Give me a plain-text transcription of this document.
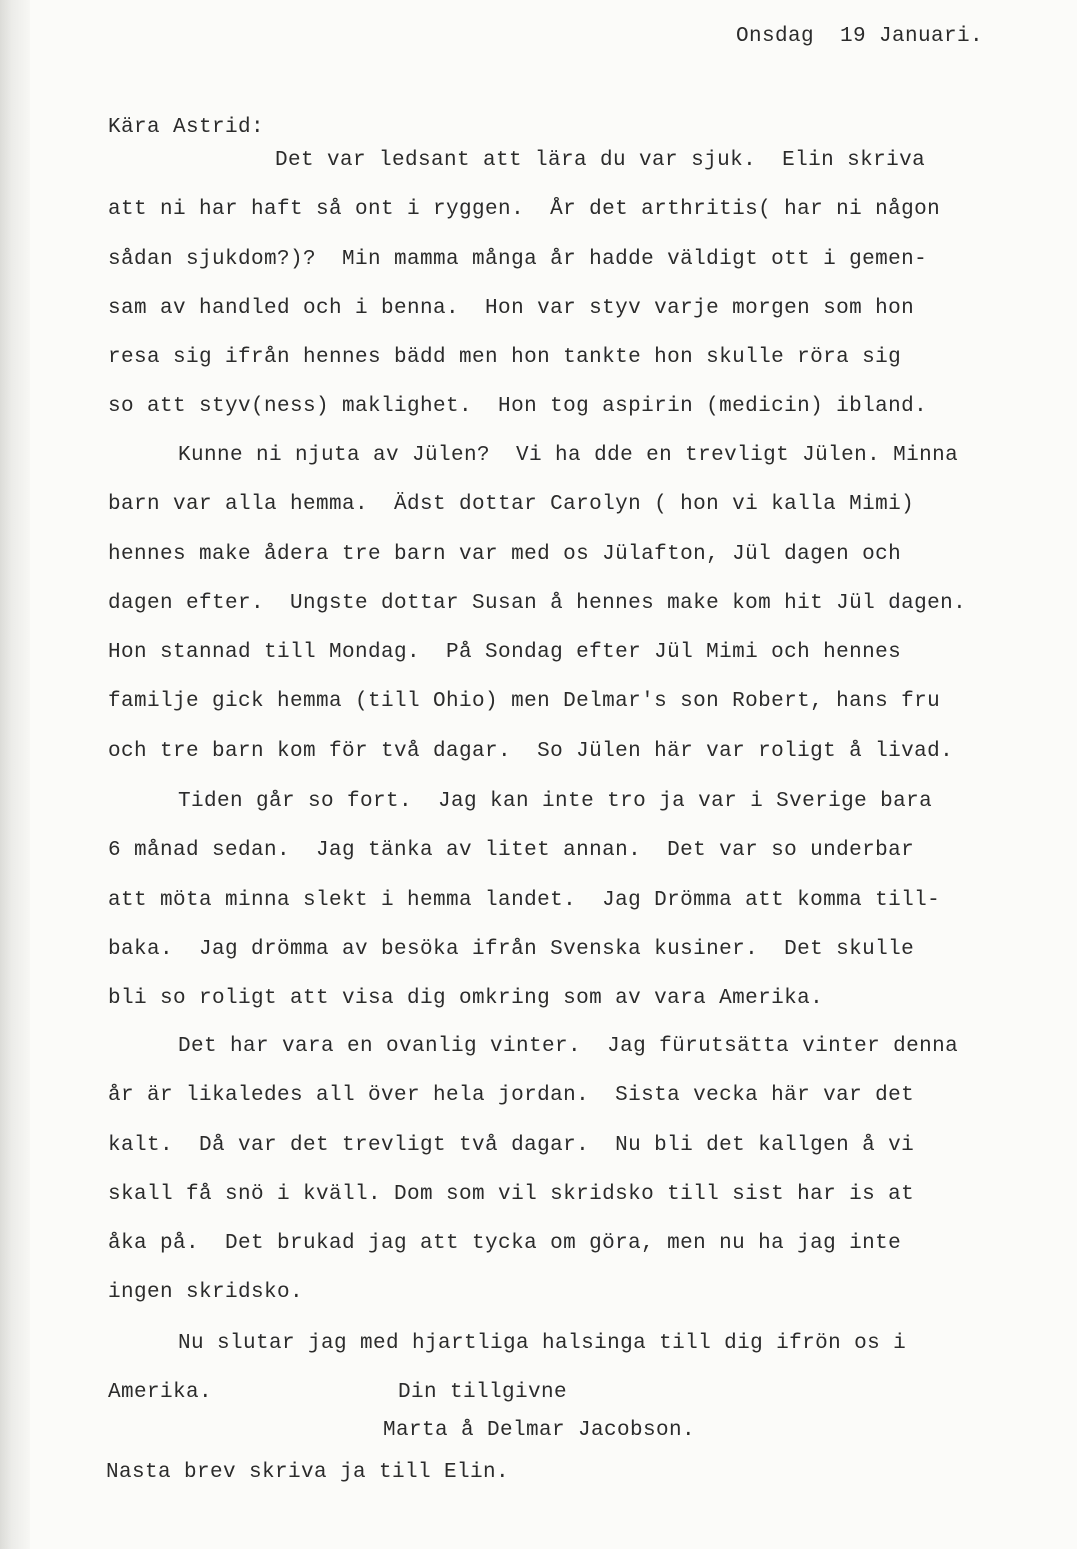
Onsdag  19 Januari.
Kära Astrid:
Det var ledsant att lära du var sjuk.  Elin skriva
att ni har haft så ont i ryggen.  År det arthritis( har ni någon
sådan sjukdom?)?  Min mamma många år hadde väldigt ott i gemen-
sam av handled och i benna.  Hon var styv varje morgen som hon
resa sig ifrån hennes bädd men hon tankte hon skulle röra sig
so att styv(ness) maklighet.  Hon tog aspirin (medicin) ibland.
Kunne ni njuta av Jülen?  Vi ha dde en trevligt Jülen. Minna
barn var alla hemma.  Ädst dottar Carolyn ( hon vi kalla Mimi)
hennes make ådera tre barn var med os Jülafton, Jül dagen och
dagen efter.  Ungste dottar Susan å hennes make kom hit Jül dagen.
Hon stannad till Mondag.  På Sondag efter Jül Mimi och hennes
familje gick hemma (till Ohio) men Delmar's son Robert, hans fru
och tre barn kom för två dagar.  So Jülen här var roligt å livad.
Tiden går so fort.  Jag kan inte tro ja var i Sverige bara
6 månad sedan.  Jag tänka av litet annan.  Det var so underbar
att möta minna slekt i hemma landet.  Jag Drömma att komma till-
baka.  Jag drömma av besöka ifrån Svenska kusiner.  Det skulle
bli so roligt att visa dig omkring som av vara Amerika.
Det har vara en ovanlig vinter.  Jag fürutsätta vinter denna
år är likaledes all över hela jordan.  Sista vecka här var det
kalt.  Då var det trevligt två dagar.  Nu bli det kallgen å vi
skall få snö i kväll. Dom som vil skridsko till sist har is at
åka på.  Det brukad jag att tycka om göra, men nu ha jag inte
ingen skridsko.
Nu slutar jag med hjartliga halsinga till dig ifrön os i
Amerika.	Din tillgivne
Marta å Delmar Jacobson.
Nasta brev skriva ja till Elin.
